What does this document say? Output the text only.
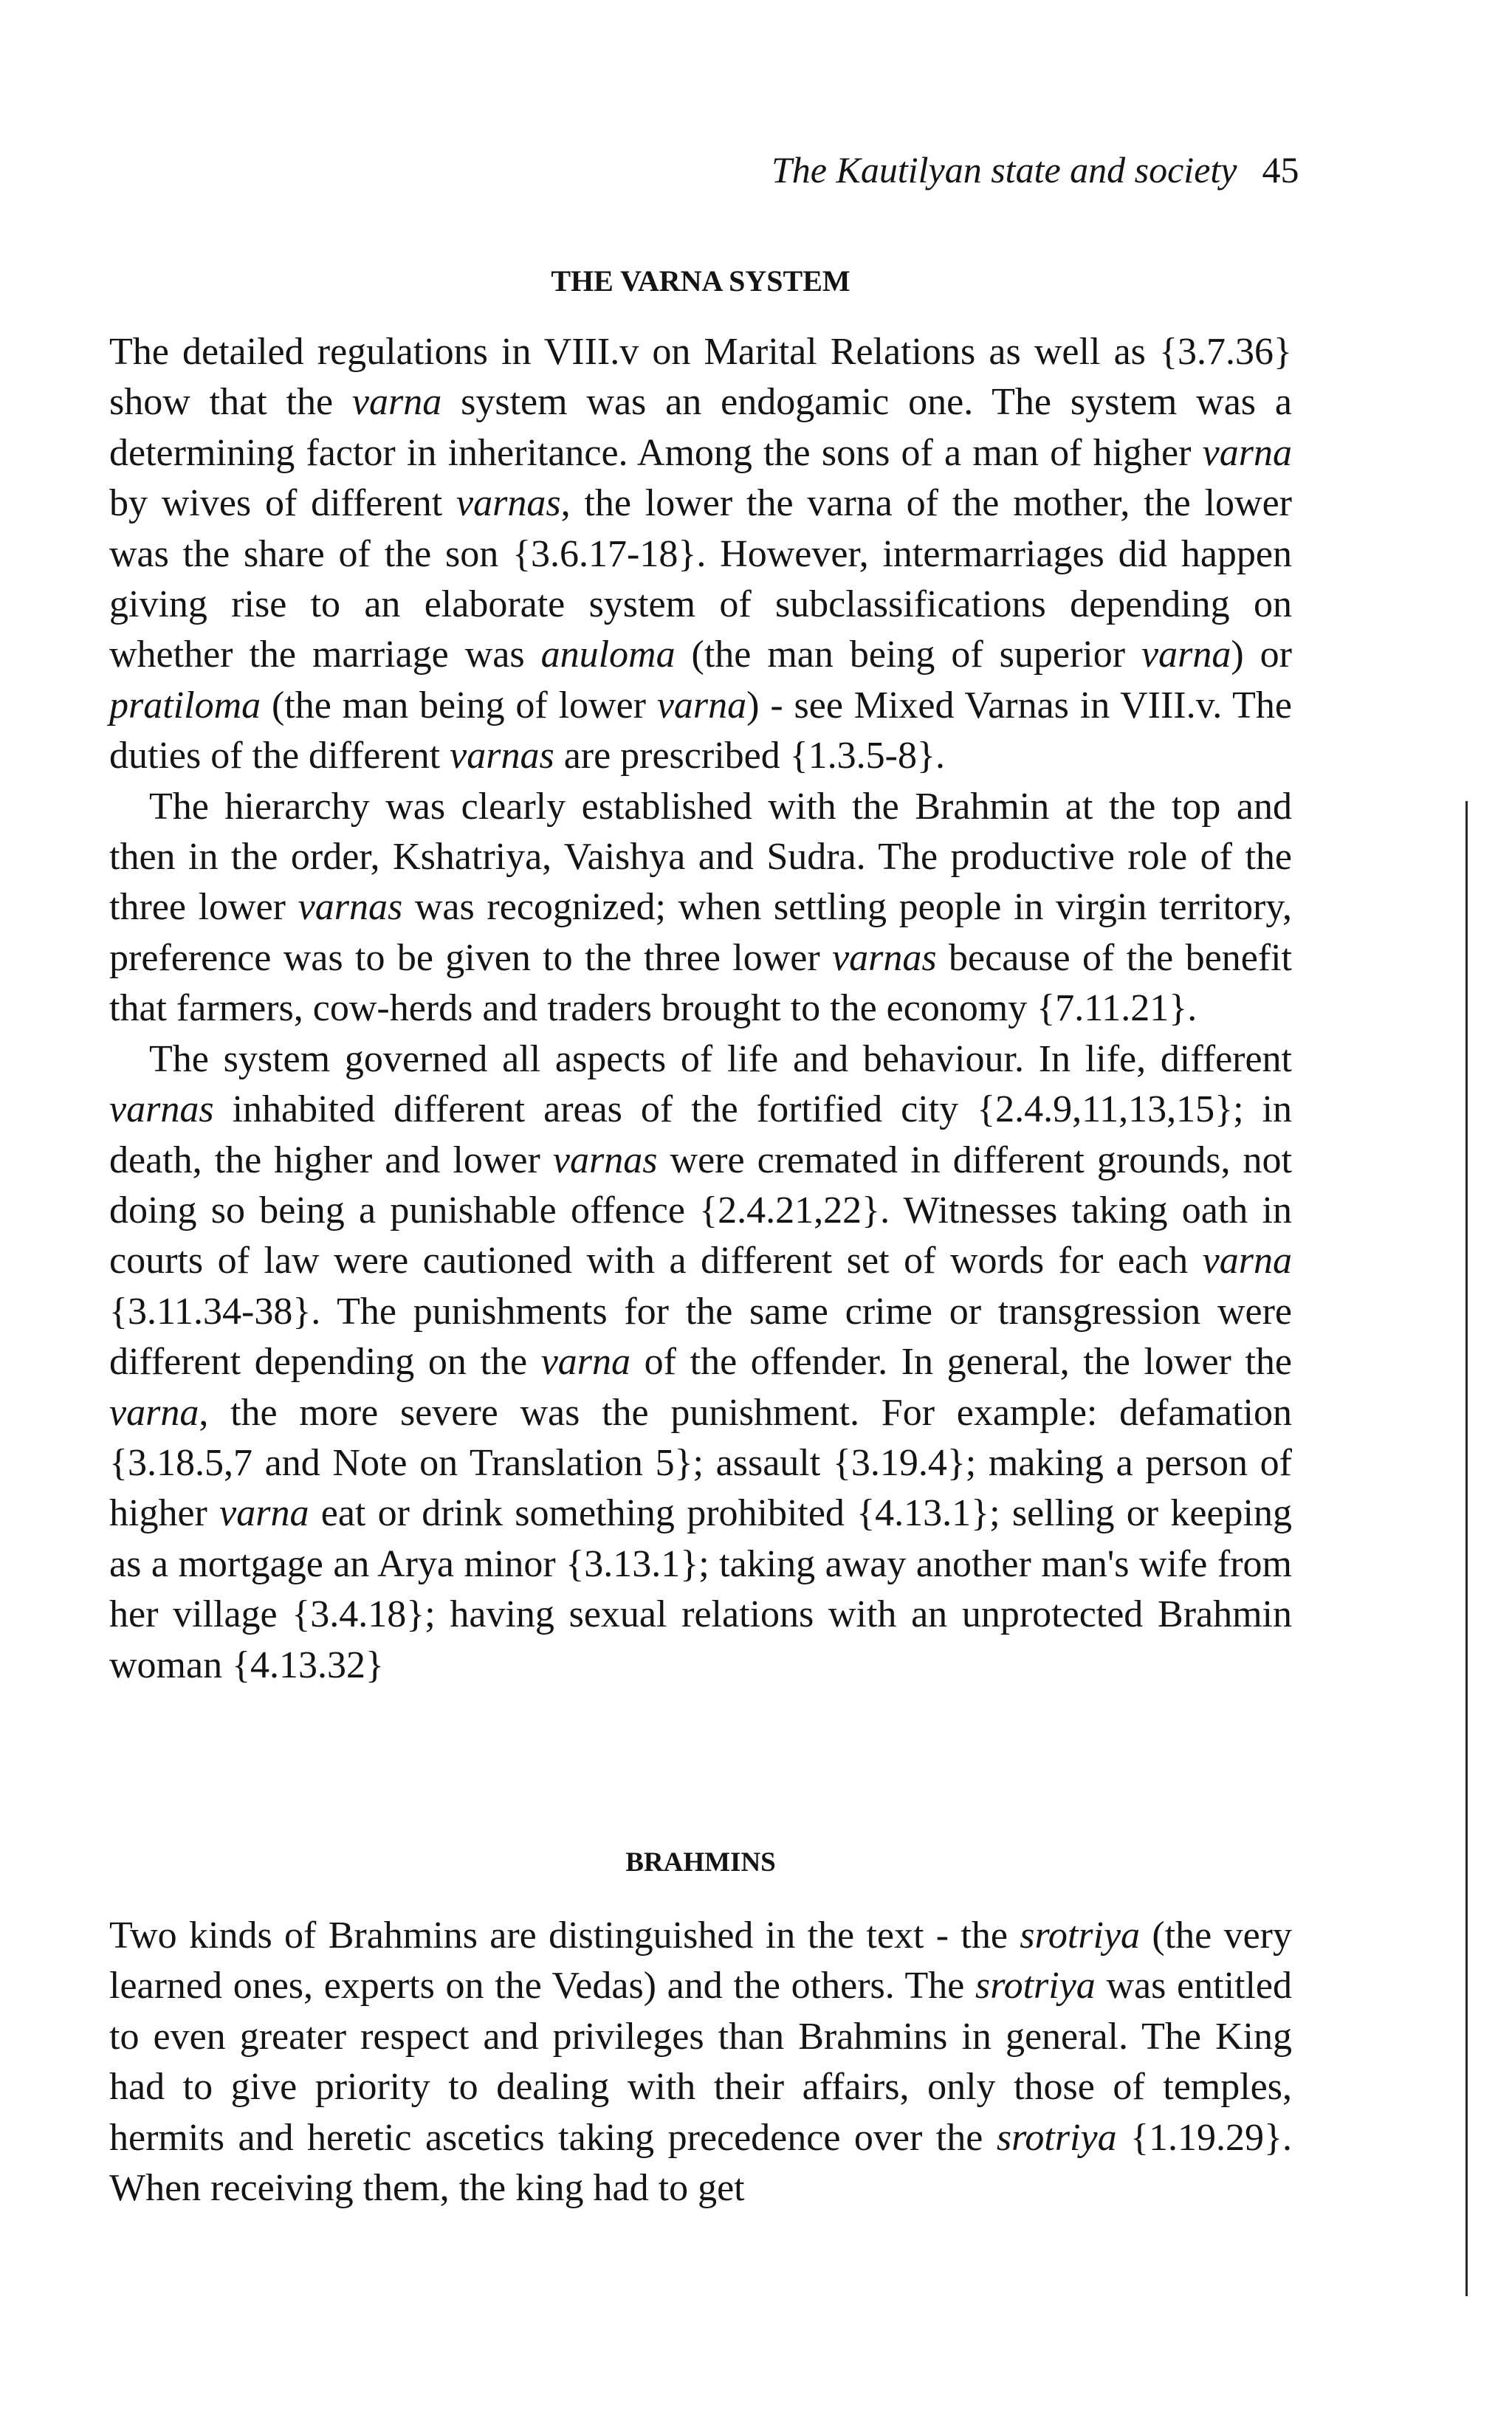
The Kautilyan state and society 45
THE VARNA SYSTEM

The detailed regulations in VIII.v on Marital Relations as well as {3.7.36} show that the varna system was an endogamic one. The system was a determining factor in inheritance. Among the sons of a man of higher varna by wives of different varnas, the lower the varna of the mother, the lower was the share of the son {3.6.17-18}. However, intermarriages did happen giving rise to an elaborate system of subclassifications depending on whether the marriage was anuloma (the man being of superior varna) or pratiloma (the man being of lower varna) - see Mixed Varnas in VIII.v. The duties of the different varnas are prescribed {1.3.5-8}.

The hierarchy was clearly established with the Brahmin at the top and then in the order, Kshatriya, Vaishya and Sudra. The productive role of the three lower varnas was recognized; when settling people in virgin territory, preference was to be given to the three lower varnas because of the benefit that farmers, cow-herds and traders brought to the economy {7.11.21}.

The system governed all aspects of life and behaviour. In life, different varnas inhabited different areas of the fortified city {2.4.9,11,13,15}; in death, the higher and lower varnas were cremated in different grounds, not doing so being a punishable offence {2.4.21,22}. Witnesses taking oath in courts of law were cautioned with a different set of words for each varna {3.11.34-38}. The punishments for the same crime or transgression were different depending on the varna of the offender. In general, the lower the varna, the more severe was the punishment. For example: defamation {3.18.5,7 and Note on Translation 5}; assault {3.19.4}; making a person of higher varna eat or drink something prohibited {4.13.1}; selling or keeping as a mortgage an Arya minor {3.13.1}; taking away another man's wife from her village {3.4.18}; having sexual relations with an unprotected Brahmin woman {4.13.32}

BRAHMINS

Two kinds of Brahmins are distinguished in the text - the srotriya (the very learned ones, experts on the Vedas) and the others. The srotriya was entitled to even greater respect and privileges than Brahmins in general. The King had to give priority to dealing with their affairs, only those of temples, hermits and heretic ascetics taking precedence over the srotriya {1.19.29}. When receiving them, the king had to get
